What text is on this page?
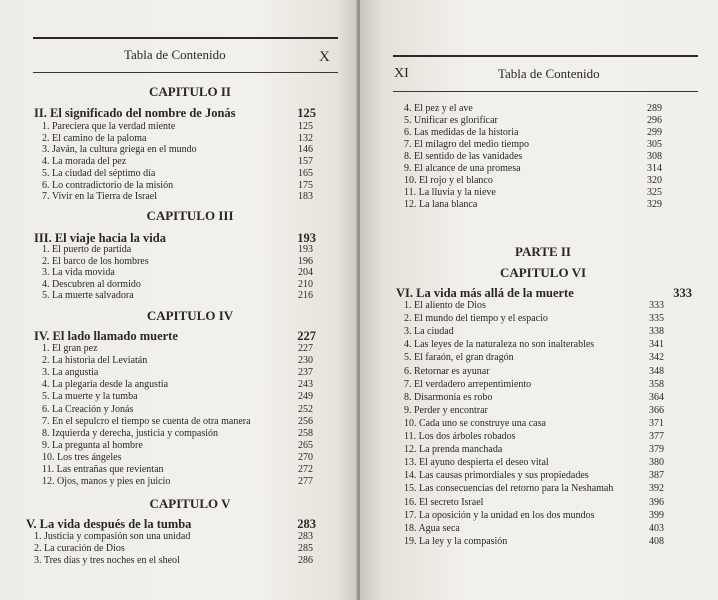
Tabla de Contenido	X
CAPITULO II
II. El significado del nombre de Jonás	125
1. Pareciera que la verdad miente	125
2. El camino de la paloma	132
3. Javán, la cultura griega en el mundo	146
4. La morada del pez	157
5. La ciudad del séptimo día	165
6. Lo contradictorio de la misión	175
7. Vivir en la Tierra de Israel	183
CAPITULO III
III. El viaje hacia la vida	193
1. El puerto de partida	193
2. El barco de los hombres	196
3. La vida movida	204
4. Descubren al dormido	210
5. La muerte salvadora	216
CAPITULO IV
IV. El lado llamado muerte	227
1. El gran pez	227
2. La historia del Leviatán	230
3. La angustia	237
4. La plegaria desde la angustia	243
5. La muerte y la tumba	249
6. La Creación y Jonás	252
7. En el sepulcro el tiempo se cuenta de otra manera	256
8. Izquierda y derecha, justicia y compasión	258
9. La pregunta al hombre	265
10. Los tres ángeles	270
11. Las entrañas que revientan	272
12. Ojos, manos y pies en juicio	277
CAPITULO V
V. La vida después de la tumba	283
1. Justicia y compasión son una unidad	283
2. La curación de Dios	285
3. Tres días y tres noches en el sheol	286
XI	Tabla de Contenido
4. El pez y el ave	289
5. Unificar es glorificar	296
6. Las medidas de la historia	299
7. El milagro del medio tiempo	305
8. El sentido de las vanidades	308
9. El alcance de una promesa	314
10. El rojo y el blanco	320
11. La lluvia y la nieve	325
12. La lana blanca	329
PARTE II
CAPITULO VI
VI. La vida más allá de la muerte	333
1. El aliento de Dios	333
2. El mundo del tiempo y el espacio	335
3. La ciudad	338
4. Las leyes de la naturaleza no son inalterables	341
5. El faraón, el gran dragón	342
6. Retornar es ayunar	348
7. El verdadero arrepentimiento	358
8. Disarmonía es robo	364
9. Perder y encontrar	366
10. Cada uno se construye una casa	371
11. Los dos árboles robados	377
12. La prenda manchada	379
13. El ayuno despierta el deseo vital	380
14. Las causas primordiales y sus propiedades	387
15. Las consecuencias del retorno para la Neshamah	392
16. El secreto Israel	396
17. La oposición y la unidad en los dos mundos	399
18. Agua seca	403
19. La ley y la compasión	408
